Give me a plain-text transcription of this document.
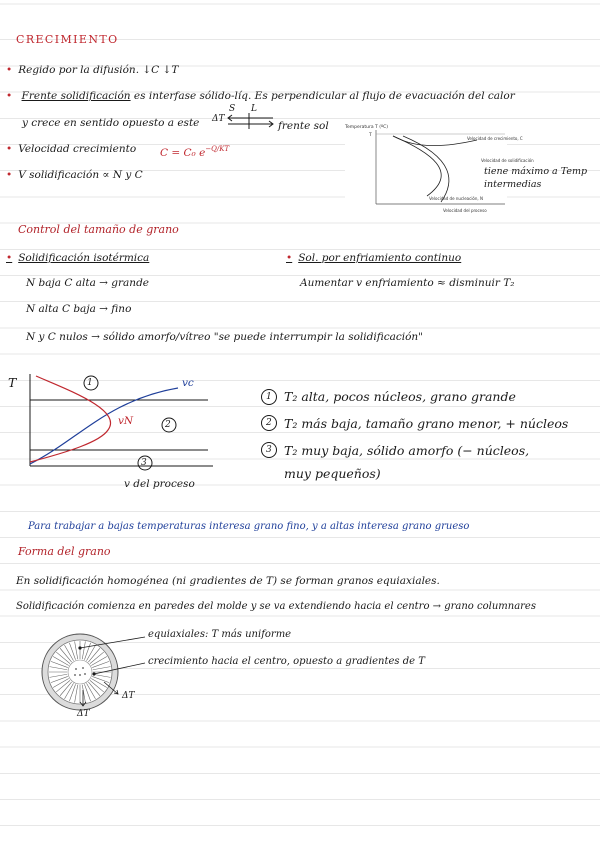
CRECIMIENTO
• Regido por la difusión. ↓C ↓T
• Frente solidificación es interfase sólido-líq. Es perpendicular al flujo de evacuación del calor
y crece en sentido opuesto a este ΔT
S L
frente sol
• Velocidad crecimiento C = C₀ $e^{-Q/KT}$
• V solidificación ∝ N y C
Temperatura T (ºC)
T
Velocidad de crecimiento, C
Velocidad de solidificación
Velocidad de nucleación, N
Velocidad del proceso
tiene máximo a Temp
intermedias
Control del tamaño de grano
• Solidificación isotérmica
•	Sol. por enfriamiento continuo
N baja C alta → grande	Aumentar v enfriamiento ≈ disminuir T₂
N alta C baja → fino
N y C nulos → sólido amorfo/vítreo "se puede interrumpir la solidificación"
T	vc
vN
1
2
3
v del proceso
1
2
3
T₂ alta, pocos núcleos, grano grande
T₂ más baja, tamaño grano menor, + núcleos
T₂ muy baja, sólido amorfo (− núcleos,
muy pequeños)
Para trabajar a bajas temperaturas interesa grano fino, y a altas interesa grano grueso
Forma del grano
En solidificación homogénea (ni gradientes de T) se forman granos equiaxiales.
Solidificación comienza en paredes del molde y se va extendiendo hacia el centro → grano columnares
equiaxiales: T más uniforme
crecimiento hacia el centro, opuesto a gradientes de T
ΔT
ΔT
